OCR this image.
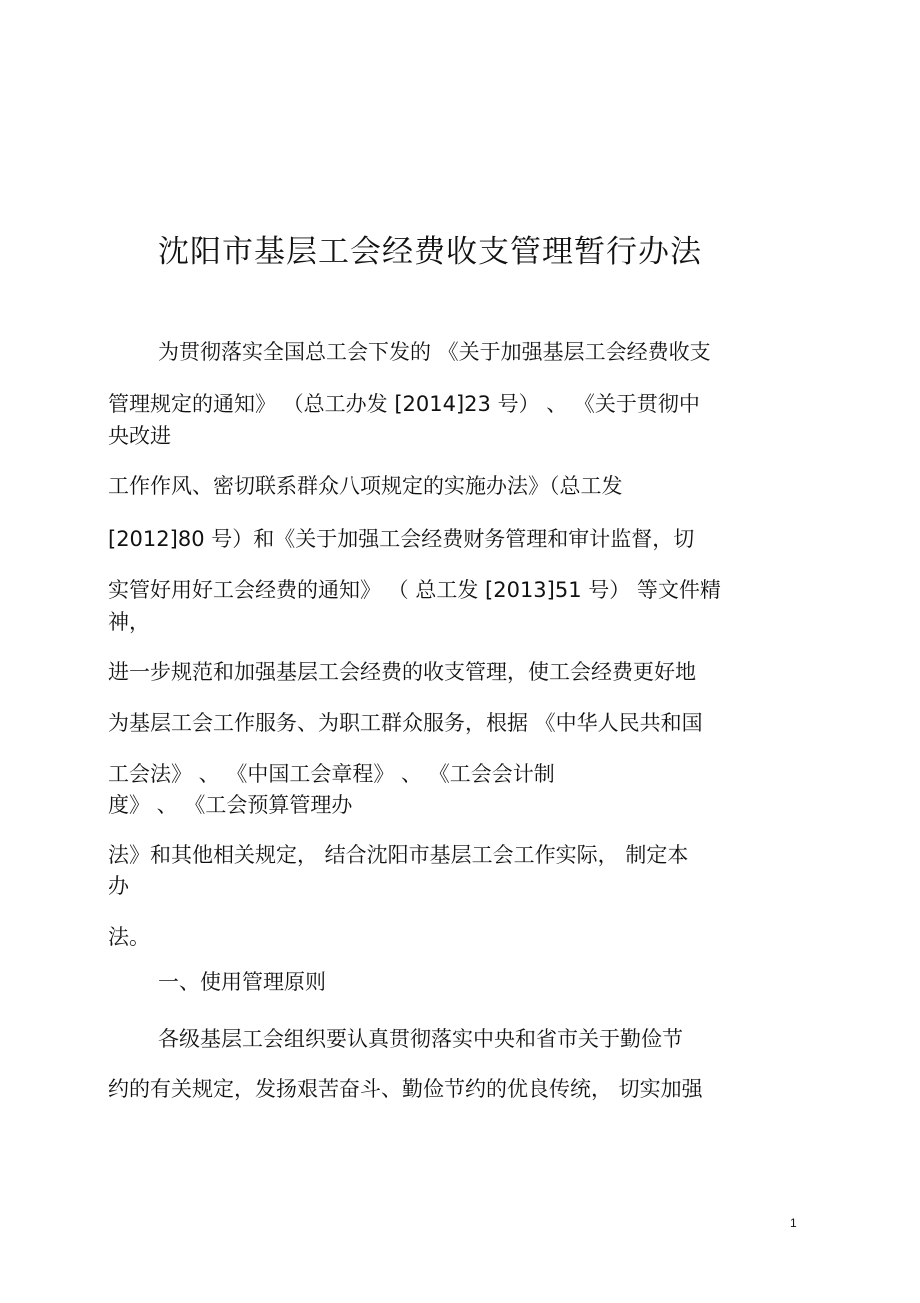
沈阳市基层工会经费收支管理暂行办法
为贯彻落实全国总工会下发的 《关于加强基层工会经费收支
管理规定的通知》 （总工办发 [2014]23 号） 、 《关于贯彻中
央改进
工作作风、密切联系群众八项规定的实施办法》（总工发
[2012]80 号）和《关于加强工会经费财务管理和审计监督，切
实管好用好工会经费的通知》 （ 总工发 [2013]51 号） 等文件精
神，
进一步规范和加强基层工会经费的收支管理，使工会经费更好地
为基层工会工作服务、为职工群众服务，根据 《中华人民共和国
工会法》 、 《中国工会章程》 、 《工会会计制
度》 、 《工会预算管理办
法》和其他相关规定， 结合沈阳市基层工会工作实际， 制定本
办
法。
一、使用管理原则
各级基层工会组织要认真贯彻落实中央和省市关于勤俭节
约的有关规定，发扬艰苦奋斗、勤俭节约的优良传统， 切实加强
1
